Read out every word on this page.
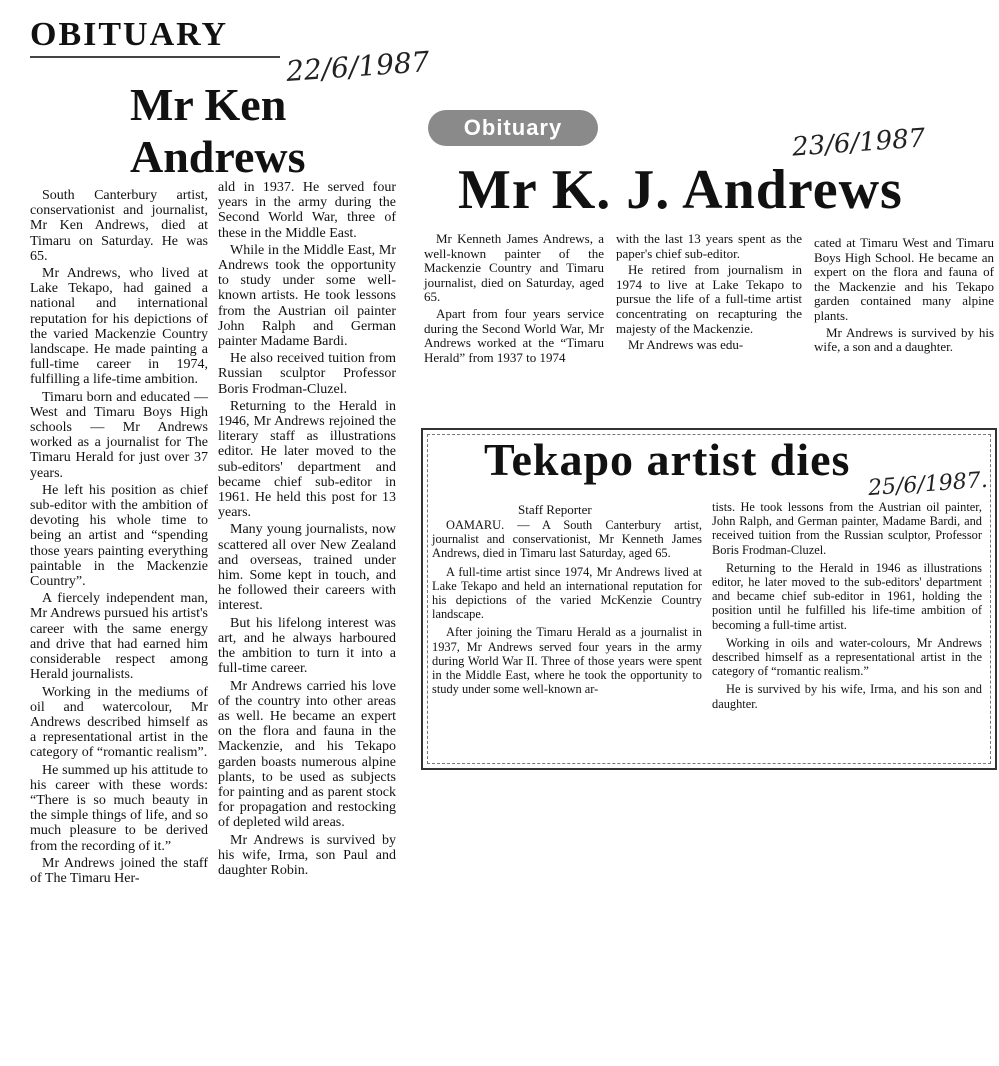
OBITUARY
22/6/1987
Mr Ken
Andrews

South Canterbury artist, conservationist and journalist, Mr Ken Andrews, died at Timaru on Saturday. He was 65.

Mr Andrews, who lived at Lake Tekapo, had gained a national and international reputation for his depictions of the varied Mackenzie Country landscape. He made painting a full-time career in 1974, fulfilling a life-time ambition.

Timaru born and educated — West and Timaru Boys High schools — Mr Andrews worked as a journalist for The Timaru Herald for just over 37 years.

He left his position as chief sub-editor with the ambition of devoting his whole time to being an artist and “spending those years painting everything paintable in the Mackenzie Country”.

A fiercely independent man, Mr Andrews pursued his artist's career with the same energy and drive that had earned him considerable respect among Herald journalists.

Working in the mediums of oil and watercolour, Mr Andrews described himself as a representational artist in the category of “romantic realism”.

He summed up his attitude to his career with these words: “There is so much beauty in the simple things of life, and so much pleasure to be derived from the recording of it.”

Mr Andrews joined the staff of The Timaru Her-

ald in 1937. He served four years in the army during the Second World War, three of these in the Middle East.

While in the Middle East, Mr Andrews took the opportunity to study under some well-known artists. He took lessons from the Austrian oil painter John Ralph and German painter Madame Bardi.

He also received tuition from Russian sculptor Professor Boris Frodman-Cluzel.

Returning to the Herald in 1946, Mr Andrews rejoined the literary staff as illustrations editor. He later moved to the sub-editors' department and became chief sub-editor in 1961. He held this post for 13 years.

Many young journalists, now scattered all over New Zealand and overseas, trained under him. Some kept in touch, and he followed their careers with interest.

But his lifelong interest was art, and he always harboured the ambition to turn it into a full-time career.

Mr Andrews carried his love of the country into other areas as well. He became an expert on the flora and fauna in the Mackenzie, and his Tekapo garden boasts numerous alpine plants, to be used as subjects for painting and as parent stock for propagation and restocking of depleted wild areas.

Mr Andrews is survived by his wife, Irma, son Paul and daughter Robin.

Obituary	23/6/1987
Mr K. J. Andrews

Mr Kenneth James Andrews, a well-known painter of the Mackenzie Country and Timaru journalist, died on Saturday, aged 65.

Apart from four years service during the Second World War, Mr Andrews worked at the “Timaru Herald” from 1937 to 1974

with the last 13 years spent as the paper's chief sub-editor.

He retired from journalism in 1974 to live at Lake Tekapo to pursue the life of a full-time artist concentrating on recapturing the majesty of the Mackenzie.

Mr Andrews was edu-

cated at Timaru West and Timaru Boys High School. He became an expert on the flora and fauna of the Mackenzie and his Tekapo garden contained many alpine plants.

Mr Andrews is survived by his wife, a son and a daughter.

Tekapo artist dies 25/6/1987.
Staff Reporter

OAMARU. — A South Canterbury artist, journalist and conservationist, Mr Kenneth James Andrews, died in Timaru last Saturday, aged 65.

A full-time artist since 1974, Mr Andrews lived at Lake Tekapo and held an international reputation for his depictions of the varied McKenzie Country landscape.

After joining the Timaru Herald as a journalist in 1937, Mr Andrews served four years in the army during World War II. Three of those years were spent in the Middle East, where he took the opportunity to study under some well-known ar-

tists. He took lessons from the Austrian oil painter, John Ralph, and German painter, Madame Bardi, and received tuition from the Russian sculptor, Professor Boris Frodman-Cluzel.

Returning to the Herald in 1946 as illustrations editor, he later moved to the sub-editors' department and became chief sub-editor in 1961, holding the position until he fulfilled his life-time ambition of becoming a full-time artist.

Working in oils and water-colours, Mr Andrews described himself as a representational artist in the category of “romantic realism.”

He is survived by his wife, Irma, and his son and daughter.
